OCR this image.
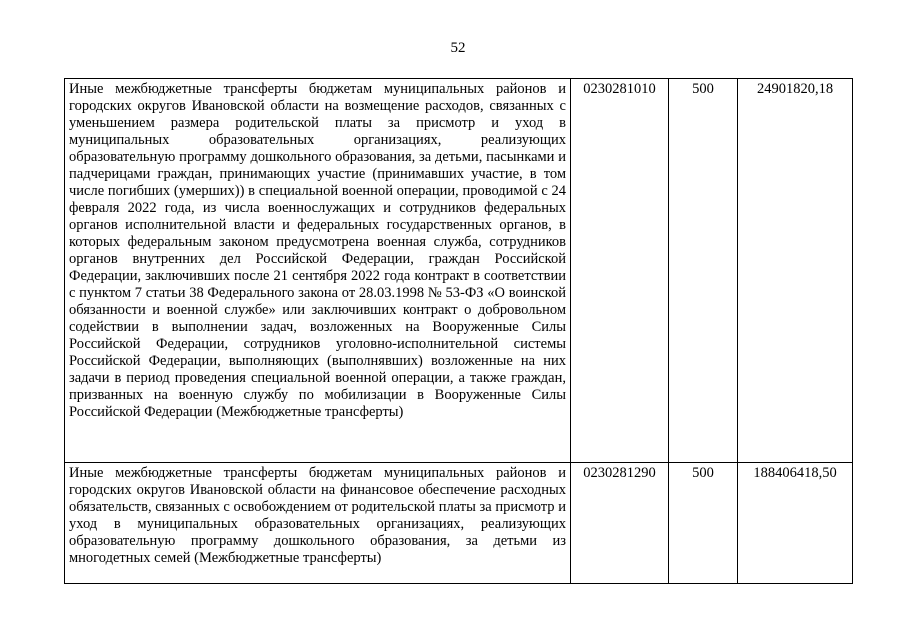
52
Иные межбюджетные трансферты бюджетам муниципальных районов и городских округов Ивановской области на возмещение расходов, связанных с уменьшением размера родительской платы за присмотр и уход в муниципальных образовательных организациях, реализующих образовательную программу дошкольного образования, за детьми, пасынками и падчерицами граждан, принимающих участие (принимавших участие, в том числе погибших (умерших)) в специальной военной операции, проводимой с 24 февраля 2022 года, из числа военнослужащих и сотрудников федеральных органов исполнительной власти и федеральных государственных органов, в которых федеральным законом предусмотрена военная служба, сотрудников органов внутренних дел Российской Федерации, граждан Российской Федерации, заключивших после 21 сентября 2022 года контракт в соответствии с пунктом 7 статьи 38 Федерального закона от 28.03.1998 № 53-ФЗ «О воинской обязанности и военной службе» или заключивших контракт о добровольном содействии в выполнении задач, возложенных на Вооруженные Силы Российской Федерации, сотрудников уголовно-исполнительной системы Российской Федерации, выполняющих (выполнявших) возложенные на них задачи в период проведения специальной военной операции, а также граждан, призванных на военную службу по мобилизации в Вооруженные Силы Российской Федерации (Межбюджетные трансферты)	0230281010	500	24901820,18
Иные межбюджетные трансферты бюджетам муниципальных районов и городских округов Ивановской области на финансовое обеспечение расходных обязательств, связанных с освобождением от родительской платы за присмотр и уход в муниципальных образовательных организациях, реализующих образовательную программу дошкольного образования, за детьми из многодетных семей (Межбюджетные трансферты)	0230281290	500	188406418,50
